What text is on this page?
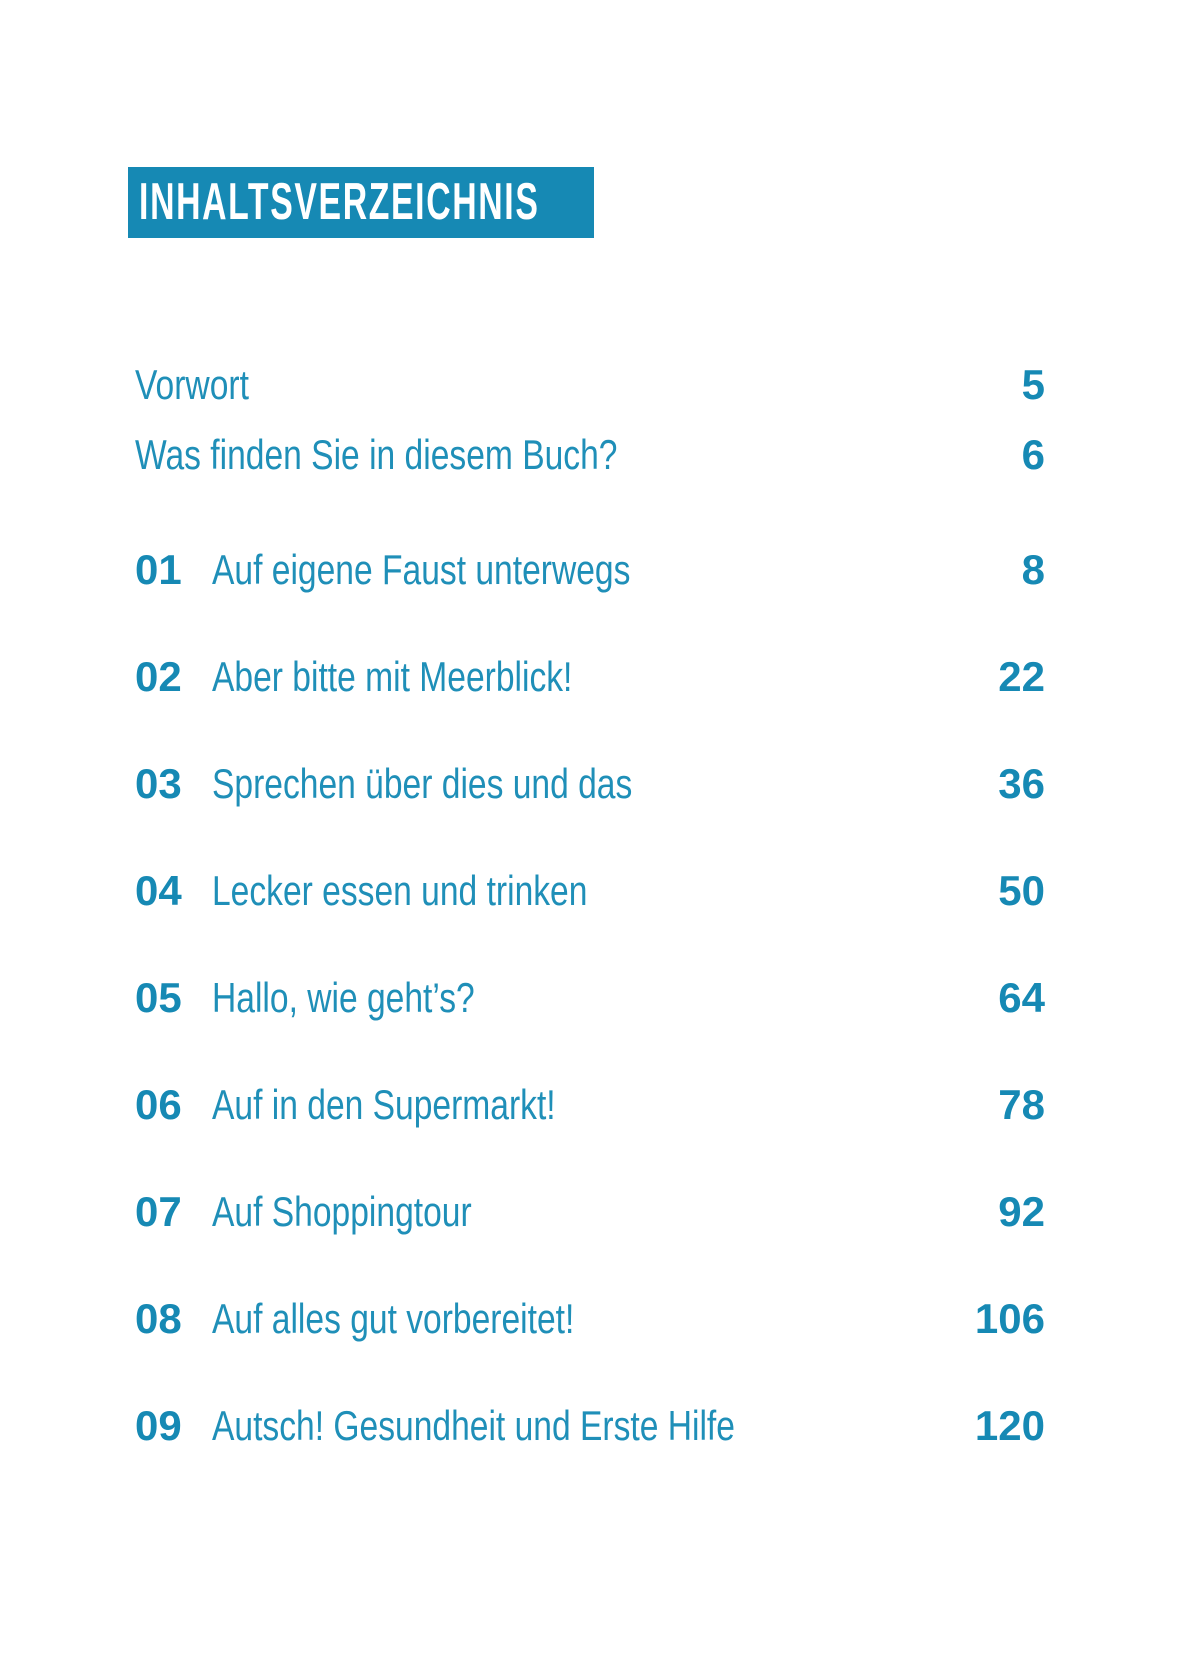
INHALTSVERZEICHNIS
Vorwort	5
Was finden Sie in diesem Buch?	6
01 Auf eigene Faust unterwegs	8
02 Aber bitte mit Meerblick!	22
03 Sprechen über dies und das	36
04 Lecker essen und trinken	50
05 Hallo, wie geht’s?	64
06 Auf in den Supermarkt!	78
07 Auf Shoppingtour	92
08 Auf alles gut vorbereitet!	106
09 Autsch! Gesundheit und Erste Hilfe	120
